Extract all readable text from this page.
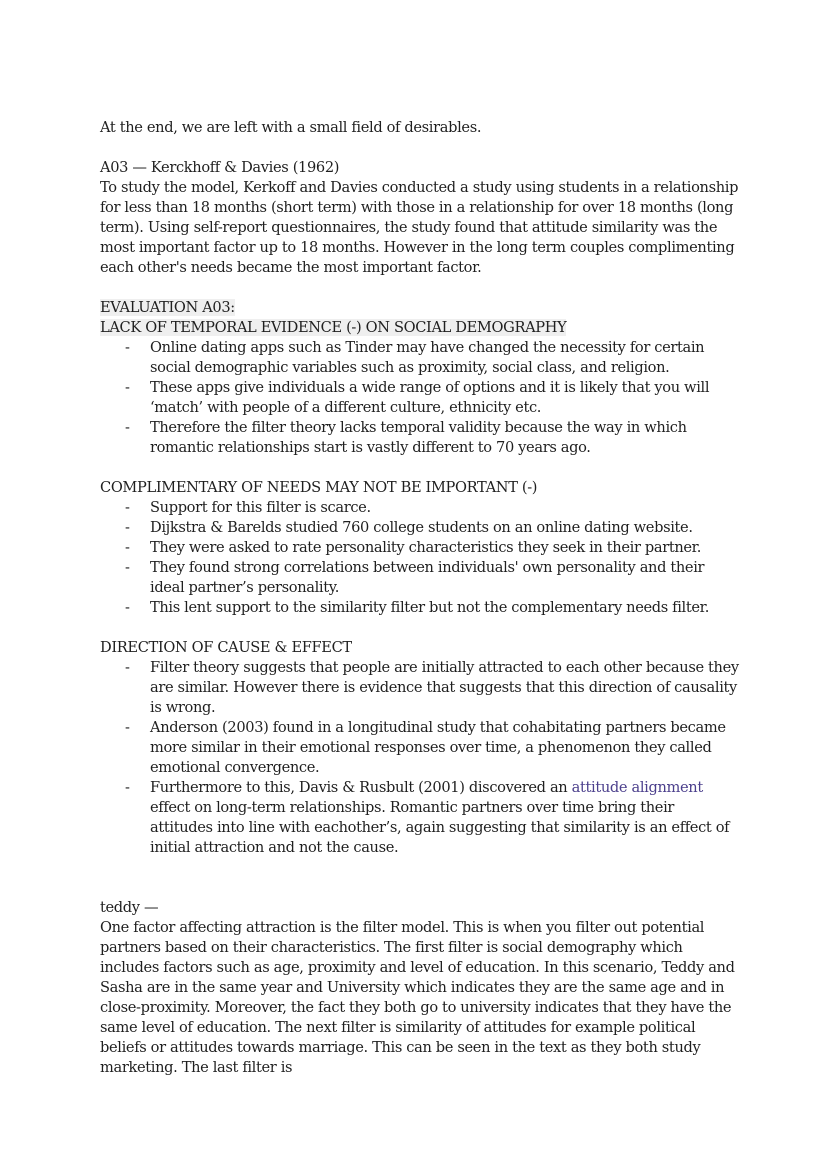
At the end, we are left with a small field of desirables.

A03 — Kerckhoff & Davies (1962)

To study the model, Kerkoff and Davies conducted a study using students in a relationship for less than 18 months (short term) with those in a relationship for over 18 months (long term). Using self-report questionnaires, the study found that attitude similarity was the most important factor up to 18 months. However in the long term couples complimenting each other's needs became the most important factor.

EVALUATION A03:

LACK OF TEMPORAL EVIDENCE (-) ON SOCIAL DEMOGRAPHY

- Online dating apps such as Tinder may have changed the necessity for certain social demographic variables such as proximity, social class, and religion.
- These apps give individuals a wide range of options and it is likely that you will ‘match’ with people of a different culture, ethnicity etc.
- Therefore the filter theory lacks temporal validity because the way in which romantic relationships start is vastly different to 70 years ago.

COMPLIMENTARY OF NEEDS MAY NOT BE IMPORTANT (-)

- Support for this filter is scarce.
- Dijkstra & Barelds studied 760 college students on an online dating website.
- They were asked to rate personality characteristics they seek in their partner.
- They found strong correlations between individuals' own personality and their ideal partner’s personality.
- This lent support to the similarity filter but not the complementary needs filter.

DIRECTION OF CAUSE & EFFECT

- Filter theory suggests that people are initially attracted to each other because they are similar. However there is evidence that suggests that this direction of causality is wrong.
- Anderson (2003) found in a longitudinal study that cohabitating partners became more similar in their emotional responses over time, a phenomenon they called emotional convergence.
- Furthermore to this, Davis & Rusbult (2001) discovered an attitude alignment effect on long-term relationships. Romantic partners over time bring their attitudes into line with eachother’s, again suggesting that similarity is an effect of initial attraction and not the cause.

teddy —

One factor affecting attraction is the filter model. This is when you filter out potential partners based on their characteristics. The first filter is social demography which includes factors such as age, proximity and level of education. In this scenario, Teddy and Sasha are in the same year and University which indicates they are the same age and in close-proximity. Moreover, the fact they both go to university indicates that they have the same level of education. The next filter is similarity of attitudes for example political beliefs or attitudes towards marriage. This can be seen in the text as they both study marketing. The last filter is
